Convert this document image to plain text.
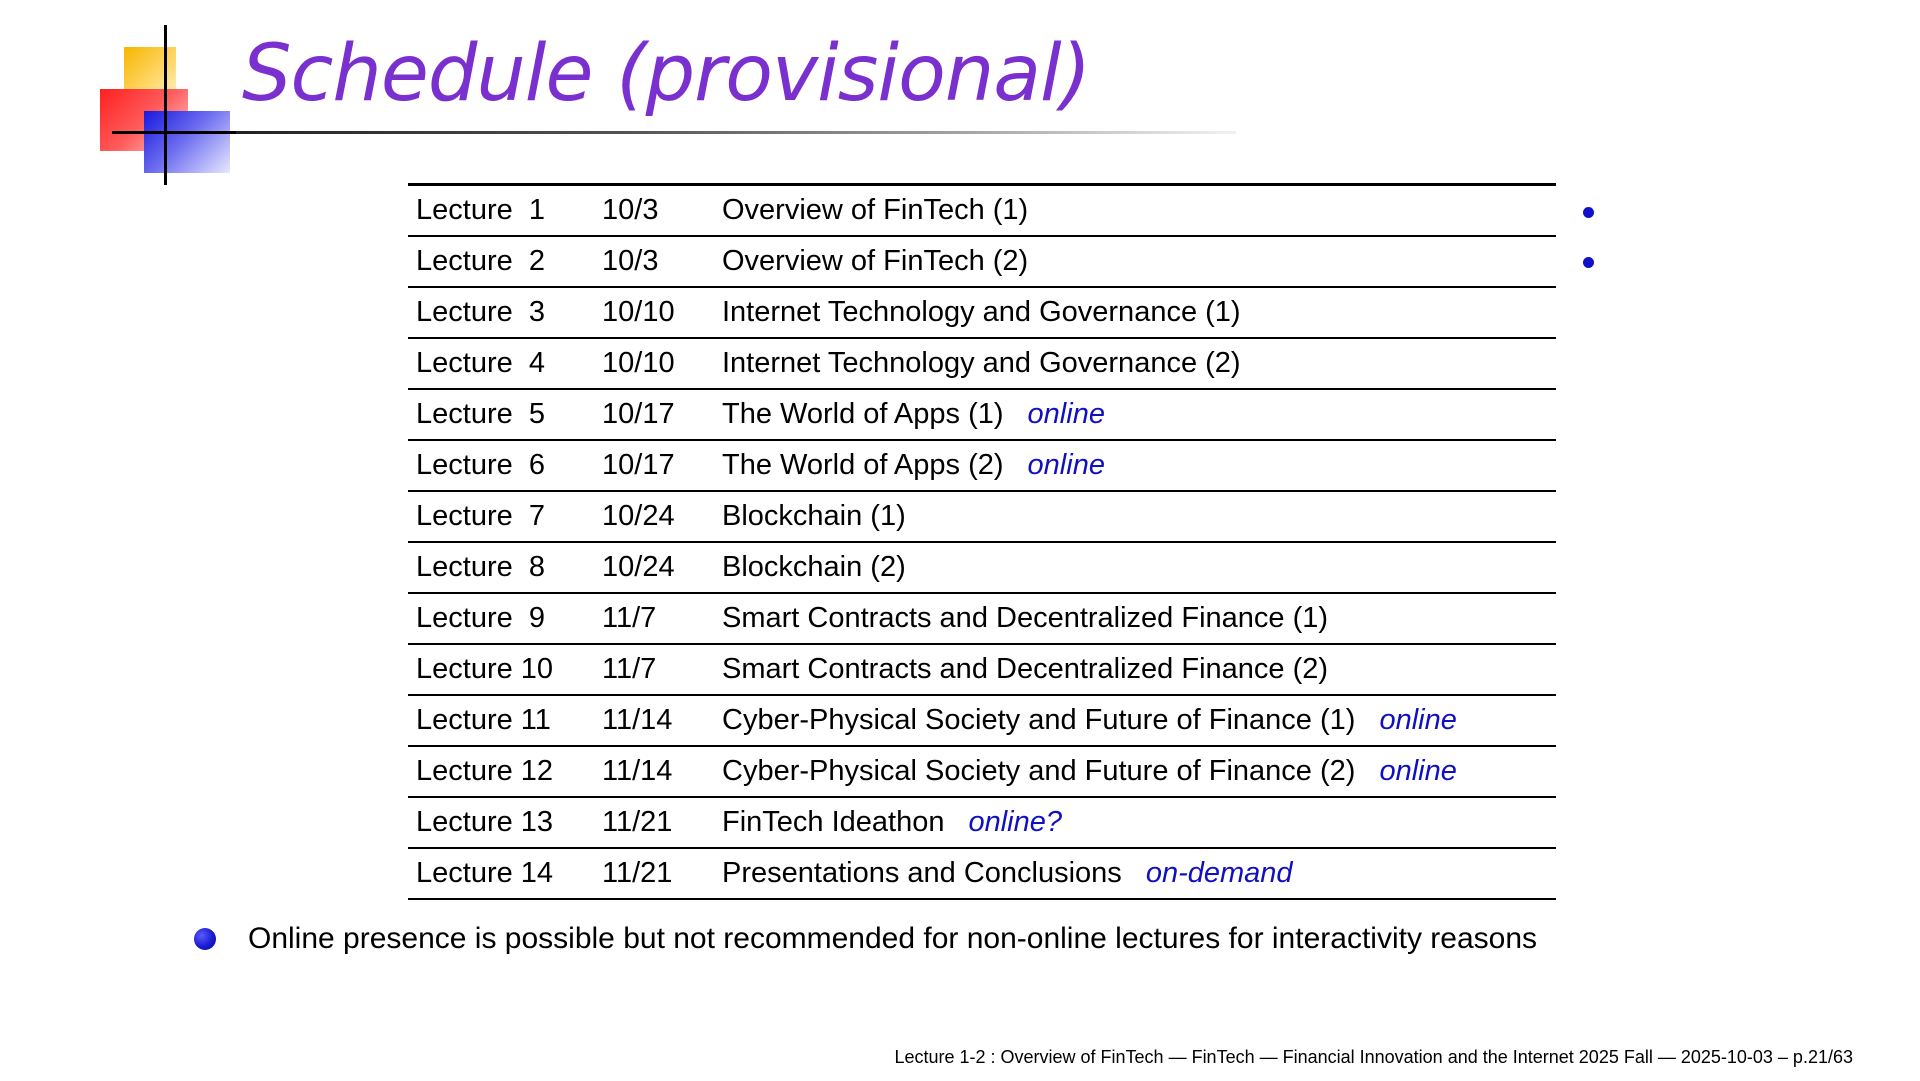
Schedule (provisional)
Lecture  1	10/3	Overview of FinTech (1)
Lecture  2	10/3	Overview of FinTech (2)
Lecture  3	10/10	Internet Technology and Governance (1)
Lecture  4	10/10	Internet Technology and Governance (2)
Lecture  5	10/17	The World of Apps (1) online
Lecture  6	10/17	The World of Apps (2) online
Lecture  7	10/24	Blockchain (1)
Lecture  8	10/24	Blockchain (2)
Lecture  9	11/7	Smart Contracts and Decentralized Finance (1)
Lecture 10	11/7	Smart Contracts and Decentralized Finance (2)
Lecture 11	11/14	Cyber-Physical Society and Future of Finance (1) online
Lecture 12	11/14	Cyber-Physical Society and Future of Finance (2) online
Lecture 13	11/21	FinTech Ideathon online?
Lecture 14	11/21	Presentations and Conclusions on-demand
Online presence is possible but not recommended for non-online lectures for interactivity reasons
Lecture 1-2 : Overview of FinTech — FinTech — Financial Innovation and the Internet 2025 Fall — 2025-10-03 – p.21/63
